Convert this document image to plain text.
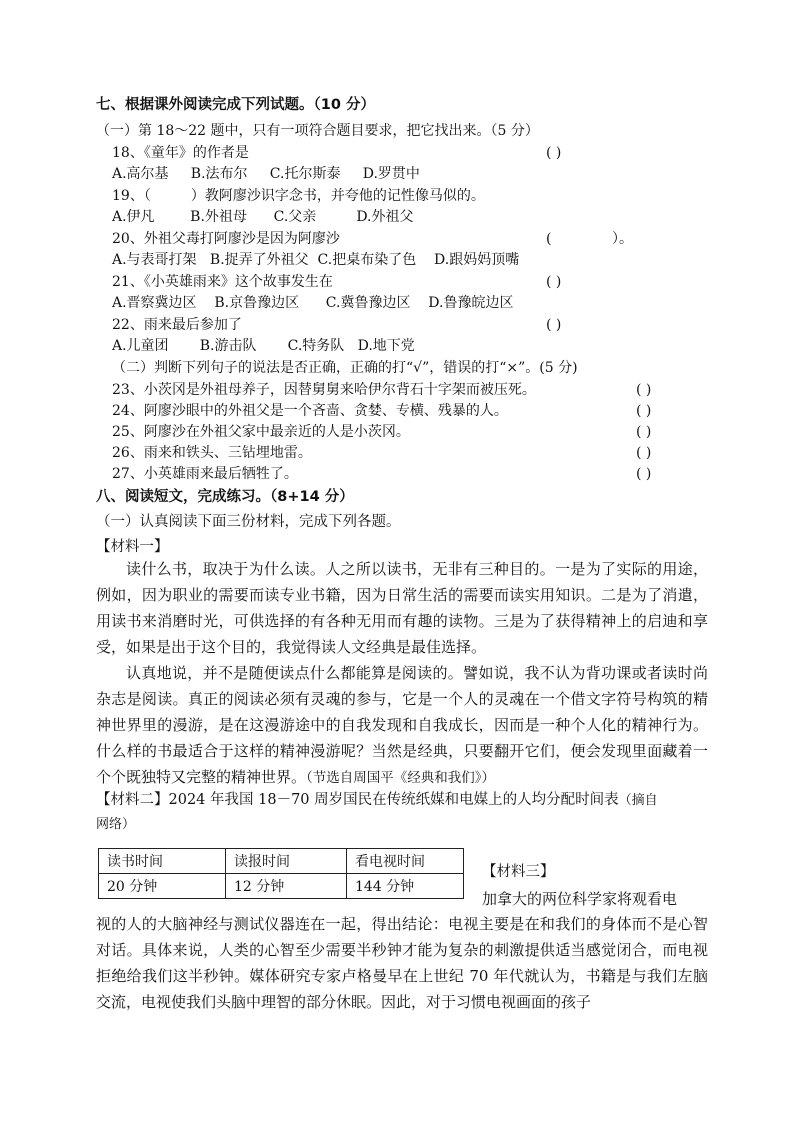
七、根据课外阅读完成下列试题。（10 分）
（一）第 18～22 题中，只有一项符合题目要求，把它找出来。（5 分）
18、《童年》的作者是	( )
A.高尔基     B.法布尔     C.托尔斯泰     D.罗贯中
19、（         ）教阿廖沙识字念书，并夸他的记性像马似的。
A.伊凡        B.外祖母      C.父亲         D.外祖父
20、外祖父毒打阿廖沙是因为阿廖沙	(	）。
A.与表哥打架   B.捉弄了外祖父  C.把桌布染了色    D.跟妈妈顶嘴
21、《小英雄雨来》这个故事发生在	( )
A.晋察冀边区    B.京鲁豫边区      C.冀鲁豫边区    D.鲁豫皖边区
22、雨来最后参加了	( )
A.儿童团       B.游击队       C.特务队   D.地下党
（二）判断下列句子的说法是否正确，正确的打“√”，错误的打“×”。(5 分)
23、小茨冈是外祖母养子，因替舅舅来哈伊尔背石十字架而被压死。	( )
24、阿廖沙眼中的外祖父是一个吝啬、贪婪、专横、残暴的人。	( )
25、阿廖沙在外祖父家中最亲近的人是小茨冈。	( )
26、雨来和铁头、三钻埋地雷。	( )
27、小英雄雨来最后牺牲了。	( )
八、阅读短文，完成练习。（8+14 分）
（一）认真阅读下面三份材料，完成下列各题。
【材料一】

读什么书，取决于为什么读。人之所以读书，无非有三种目的。一是为了实际的用途，例如，因为职业的需要而读专业书籍，因为日常生活的需要而读实用知识。二是为了消遣，用读书来消磨时光，可供选择的有各种无用而有趣的读物。三是为了获得精神上的启迪和享受，如果是出于这个目的，我觉得读人文经典是最佳选择。

认真地说，并不是随便读点什么都能算是阅读的。譬如说，我不认为背功课或者读时尚杂志是阅读。真正的阅读必须有灵魂的参与，它是一个人的灵魂在一个借文字符号构筑的精神世界里的漫游，是在这漫游途中的自我发现和自我成长，因而是一种个人化的精神行为。什么样的书最适合于这样的精神漫游呢？当然是经典，只要翻开它们，便会发现里面藏着一个个既独特又完整的精神世界。（节选自周国平《经典和我们》）

【材料二】2024 年我国 18－70 周岁国民在传统纸媒和电媒上的人均分配时间表（摘自
网络）
读书时间	读报时间	看电视时间
20 分钟	12 分钟	144 分钟
【材料三】
加拿大的两位科学家将观看电

视的人的大脑神经与测试仪器连在一起，得出结论：电视主要是在和我们的身体而不是心智对话。具体来说，人类的心智至少需要半秒钟才能为复杂的刺激提供适当感觉闭合，而电视拒绝给我们这半秒钟。媒体研究专家卢格曼早在上世纪 70 年代就认为，书籍是与我们左脑交流，电视使我们头脑中理智的部分休眠。因此，对于习惯电视画面的孩子
